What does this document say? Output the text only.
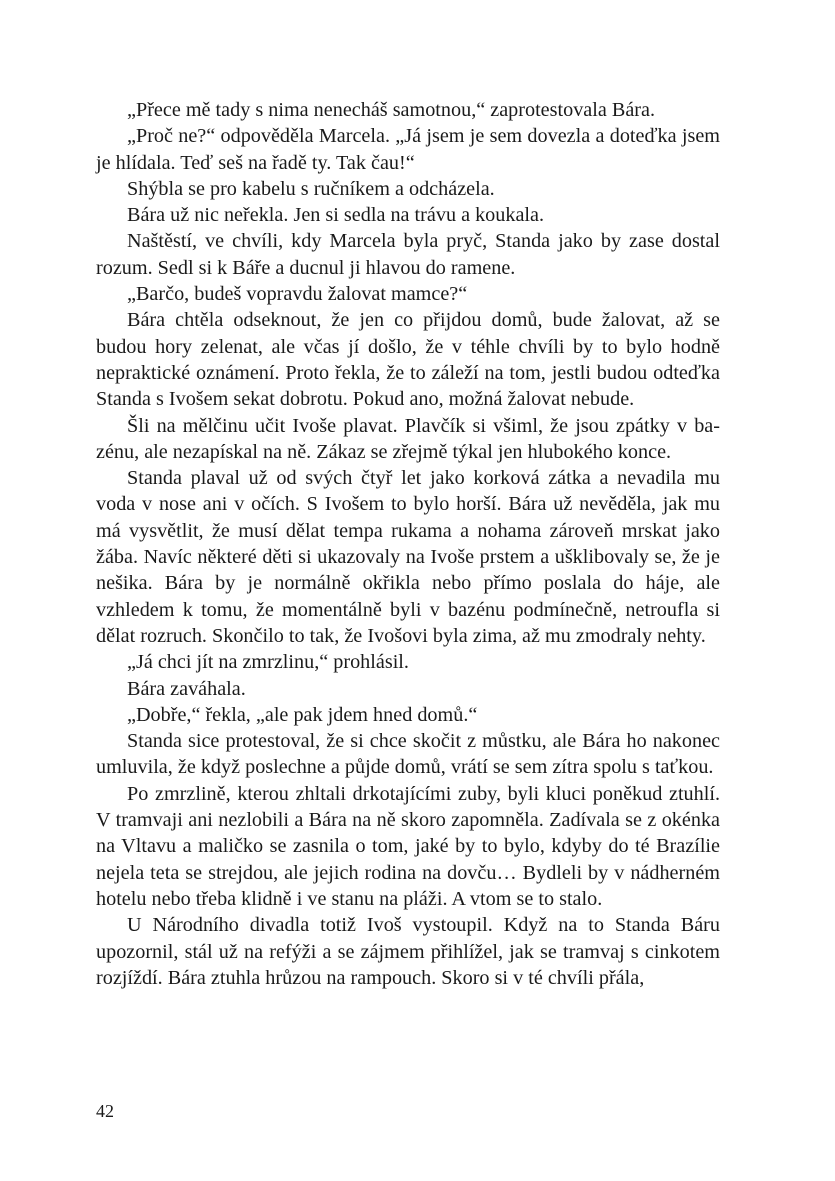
„Přece mě tady s nima nenecháš samotnou,“ zaprotestovala Bára.

„Proč ne?“ odpověděla Marcela. „Já jsem je sem dovezla a doteďka jsem je hlídala. Teď seš na řadě ty. Tak čau!“

Shýbla se pro kabelu s ručníkem a odcházela.

Bára už nic neřekla. Jen si sedla na trávu a koukala.

Naštěstí, ve chvíli, kdy Marcela byla pryč, Standa jako by zase dostal rozum. Sedl si k Báře a ducnul ji hlavou do ramene.

„Barčo, budeš vopravdu žalovat mamce?“

Bára chtěla odseknout, že jen co přijdou domů, bude žalovat, až se budou hory zelenat, ale včas jí došlo, že v téhle chvíli by to bylo hodně nepraktické oznámení. Proto řekla, že to záleží na tom, jestli budou odteďka Standa s Ivošem sekat dobrotu. Pokud ano, možná žalovat nebude.

Šli na mělčinu učit Ivoše plavat. Plavčík si všiml, že jsou zpátky v bazénu, ale nezapískal na ně. Zákaz se zřejmě týkal jen hlubokého konce.

Standa plaval už od svých čtyř let jako korková zátka a nevadila mu voda v nose ani v očích. S Ivošem to bylo horší. Bára už nevěděla, jak mu má vysvětlit, že musí dělat tempa rukama a nohama zároveň mrskat jako žába. Navíc některé děti si ukazovaly na Ivoše prstem a ušklibovaly se, že je nešika. Bára by je normálně okřikla nebo přímo poslala do háje, ale vzhledem k tomu, že momentálně byli v bazénu podmínečně, netroufla si dělat rozruch. Skončilo to tak, že Ivošovi byla zima, až mu zmodraly nehty.

„Já chci jít na zmrzlinu,“ prohlásil.

Bára zaváhala.

„Dobře,“ řekla, „ale pak jdem hned domů.“

Standa sice protestoval, že si chce skočit z můstku, ale Bára ho nakonec umluvila, že když poslechne a půjde domů, vrátí se sem zítra spolu s taťkou.

Po zmrzlině, kterou zhltali drkotajícími zuby, byli kluci poněkud ztuhlí. V tramvaji ani nezlobili a Bára na ně skoro zapomněla. Zadívala se z okénka na Vltavu a maličko se zasnila o tom, jaké by to bylo, kdyby do té Brazílie nejela teta se strejdou, ale jejich rodina na dovču… Bydleli by v nádherném hotelu nebo třeba klidně i ve stanu na pláži. A vtom se to stalo.

U Národního divadla totiž Ivoš vystoupil. Když na to Standa Báru upozornil, stál už na refýži a se zájmem přihlížel, jak se tramvaj s cinkotem rozjíždí. Bára ztuhla hrůzou na rampouch. Skoro si v té chvíli přála,

42
